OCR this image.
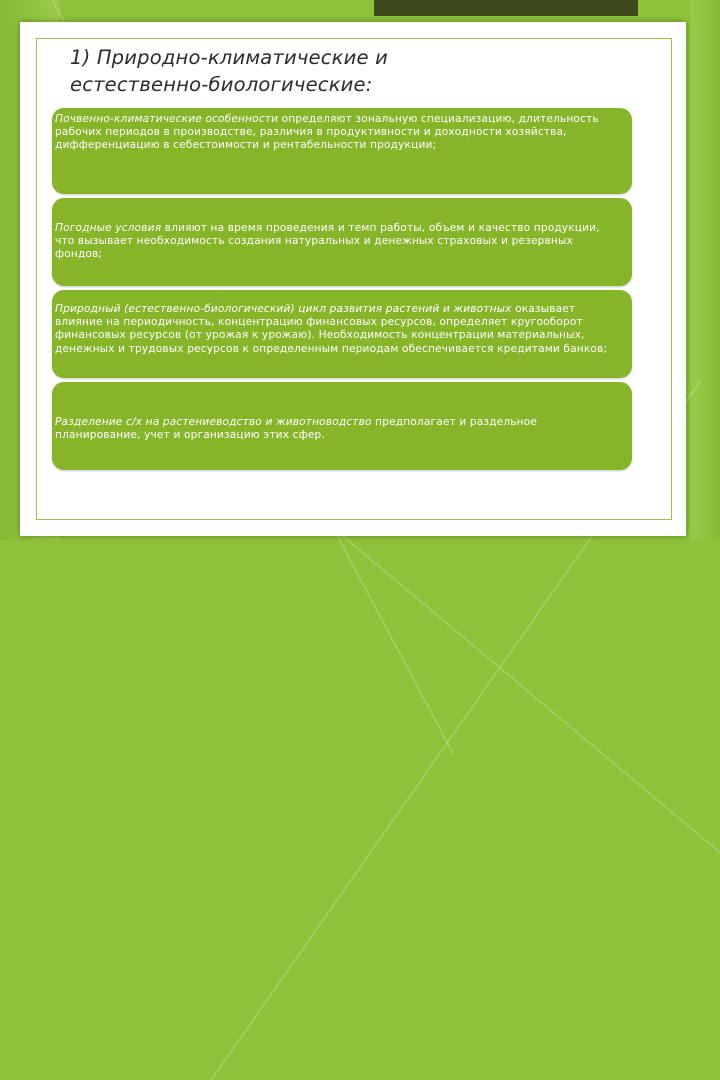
1) Природно-климатические и
естественно-биологические:
Почвенно-климатические особенности определяют зональную специализацию, длительность рабочих периодов в производстве, различия в продуктивности и доходности хозяйства, дифференциацию в себестоимости и рентабельности продукции;
Погодные условия влияют на время проведения и темп работы, объем и качество продукции, что вызывает необходимость создания натуральных и денежных страховых и резервных фондов;
Природный (естественно-биологический) цикл развития растений и животных оказывает влияние на периодичность, концентрацию финансовых ресурсов, определяет кругооборот финансовых ресурсов (от урожая к урожаю). Необходимость концентрации материальных, денежных и трудовых ресурсов к определенным периодам обеспечивается кредитами банков;
Разделение с/х на растениеводство и животноводство предполагает и раздельное планирование, учет и организацию этих сфер.
